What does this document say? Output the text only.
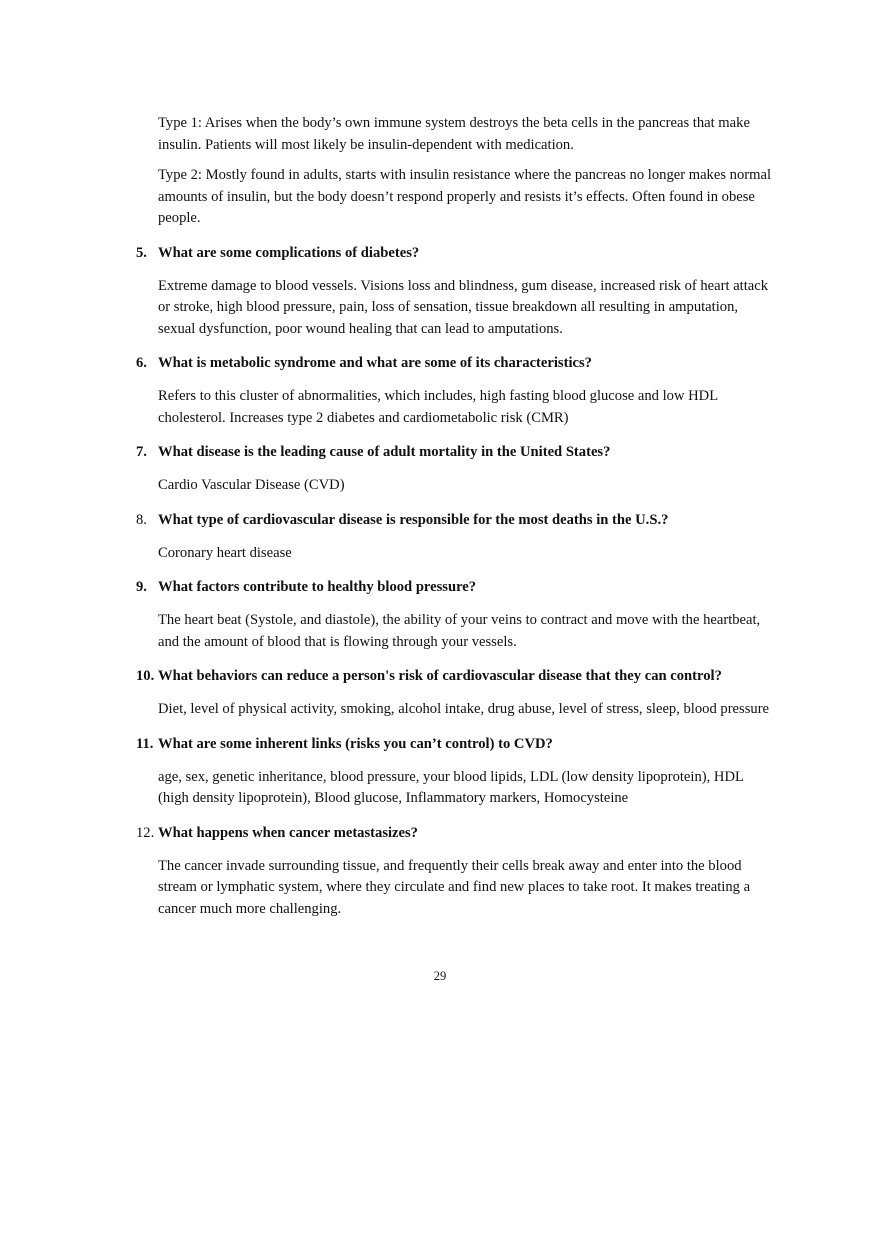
Type 1: Arises when the body’s own immune system destroys the beta cells in the pancreas that make insulin. Patients will most likely be insulin-dependent with medication.

Type 2: Mostly found in adults, starts with insulin resistance where the pancreas no longer makes normal amounts of insulin, but the body doesn’t respond properly and resists it’s effects. Often found in obese people.

5. What are some complications of diabetes?

Extreme damage to blood vessels. Visions loss and blindness, gum disease, increased risk of heart attack or stroke, high blood pressure, pain, loss of sensation, tissue breakdown all resulting in amputation, sexual dysfunction, poor wound healing that can lead to amputations.

6. What is metabolic syndrome and what are some of its characteristics?

Refers to this cluster of abnormalities, which includes, high fasting blood glucose and low HDL cholesterol. Increases type 2 diabetes and cardiometabolic risk (CMR)

7. What disease is the leading cause of adult mortality in the United States?

Cardio Vascular Disease (CVD)

8. What type of cardiovascular disease is responsible for the most deaths in the U.S.?

Coronary heart disease

9. What factors contribute to healthy blood pressure?

The heart beat (Systole, and diastole), the ability of your veins to contract and move with the heartbeat, and the amount of blood that is flowing through your vessels.

10. What behaviors can reduce a person's risk of cardiovascular disease that they can control?

Diet, level of physical activity, smoking, alcohol intake, drug abuse, level of stress, sleep, blood pressure

11. What are some inherent links (risks you can’t control) to CVD?

age, sex, genetic inheritance, blood pressure, your blood lipids, LDL (low density lipoprotein), HDL (high density lipoprotein), Blood glucose, Inflammatory markers, Homocysteine

12. What happens when cancer metastasizes?

The cancer invade surrounding tissue, and frequently their cells break away and enter into the blood stream or lymphatic system, where they circulate and find new places to take root. It makes treating a cancer much more challenging.

29
